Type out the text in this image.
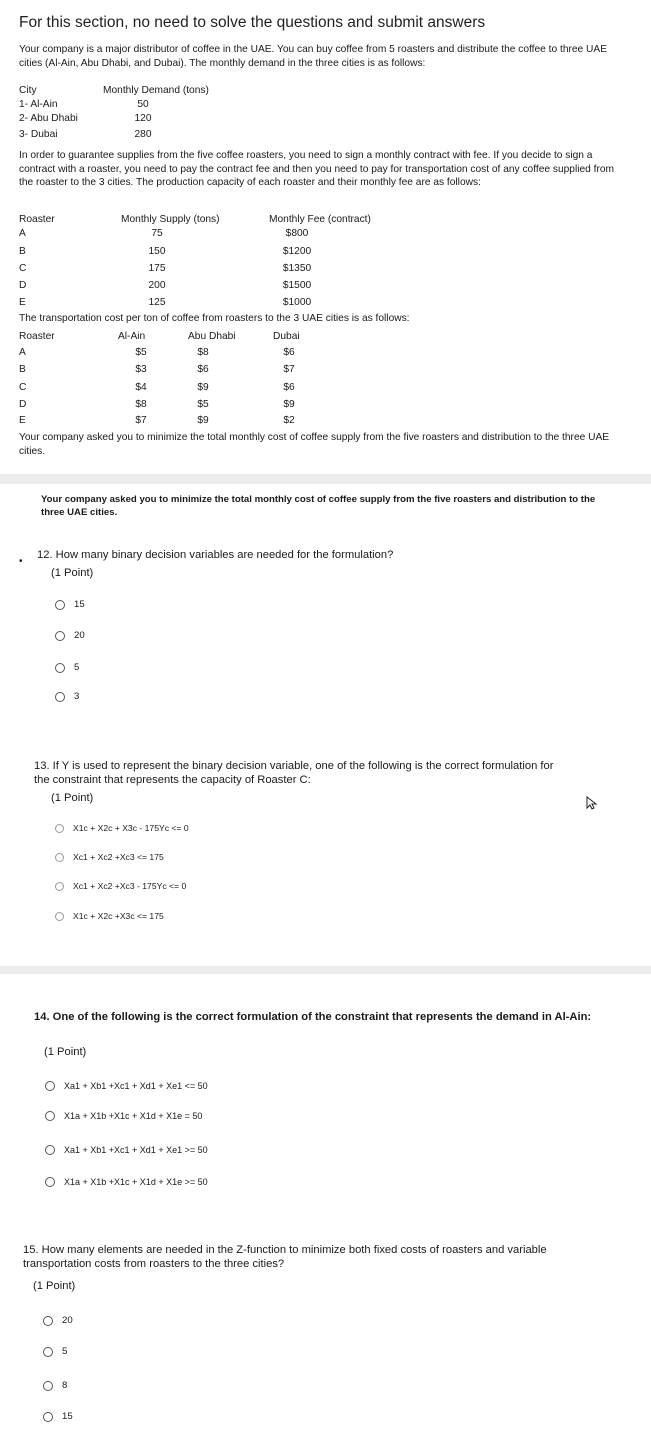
For this section, no need to solve the questions and submit answers
Your company is a major distributor of coffee in the UAE. You can buy coffee from 5 roasters and distribute the coffee to three UAE cities (Al-Ain, Abu Dhabi, and Dubai). The monthly demand in the three cities is as follows:
City	Monthly Demand (tons)
1- Al-Ain	50
2- Abu Dhabi	120
3- Dubai	280
In order to guarantee supplies from the five coffee roasters, you need to sign a monthly contract with fee. If you decide to sign a contract with a roaster, you need to pay the contract fee and then you need to pay for transportation cost of any coffee supplied from the roaster to the 3 cities. The production capacity of each roaster and their monthly fee are as follows:
Roaster	Monthly Supply (tons)	Monthly Fee (contract)
A	75	$800
B	150	$1200
C	175	$1350
D	200	$1500
E	125	$1000
The transportation cost per ton of coffee from roasters to the 3 UAE cities is as follows:
Roaster	Al-Ain	Abu Dhabi	Dubai
A	$5	$8	$6
B	$3	$6	$7
C	$4	$9	$6
D	$8	$5	$9
E	$7	$9	$2
Your company asked you to minimize the total monthly cost of coffee supply from the five roasters and distribution to the three UAE cities.
Your company asked you to minimize the total monthly cost of coffee supply from the five roasters and distribution to the three UAE cities.
•
12. How many binary decision variables are needed for the formulation?
(1 Point)
15
20
5
3
13. If Y is used to represent the binary decision variable, one of the following is the correct formulation for the constraint that represents the capacity of Roaster C:
(1 Point)
X1c + X2c + X3c - 175Yc <= 0
Xc1 + Xc2 +Xc3 <= 175
Xc1 + Xc2 +Xc3 - 175Yc <= 0
X1c + X2c +X3c <= 175
14. One of the following is the correct formulation of the constraint that represents the demand in Al-Ain:
(1 Point)
Xa1 + Xb1 +Xc1 + Xd1 + Xe1 <= 50
X1a + X1b +X1c + X1d + X1e = 50
Xa1 + Xb1 +Xc1 + Xd1 + Xe1 >= 50
X1a + X1b +X1c + X1d + X1e >= 50
15. How many elements are needed in the Z-function to minimize both fixed costs of roasters and variable transportation costs from roasters to the three cities?
(1 Point)
20
5
8
15
